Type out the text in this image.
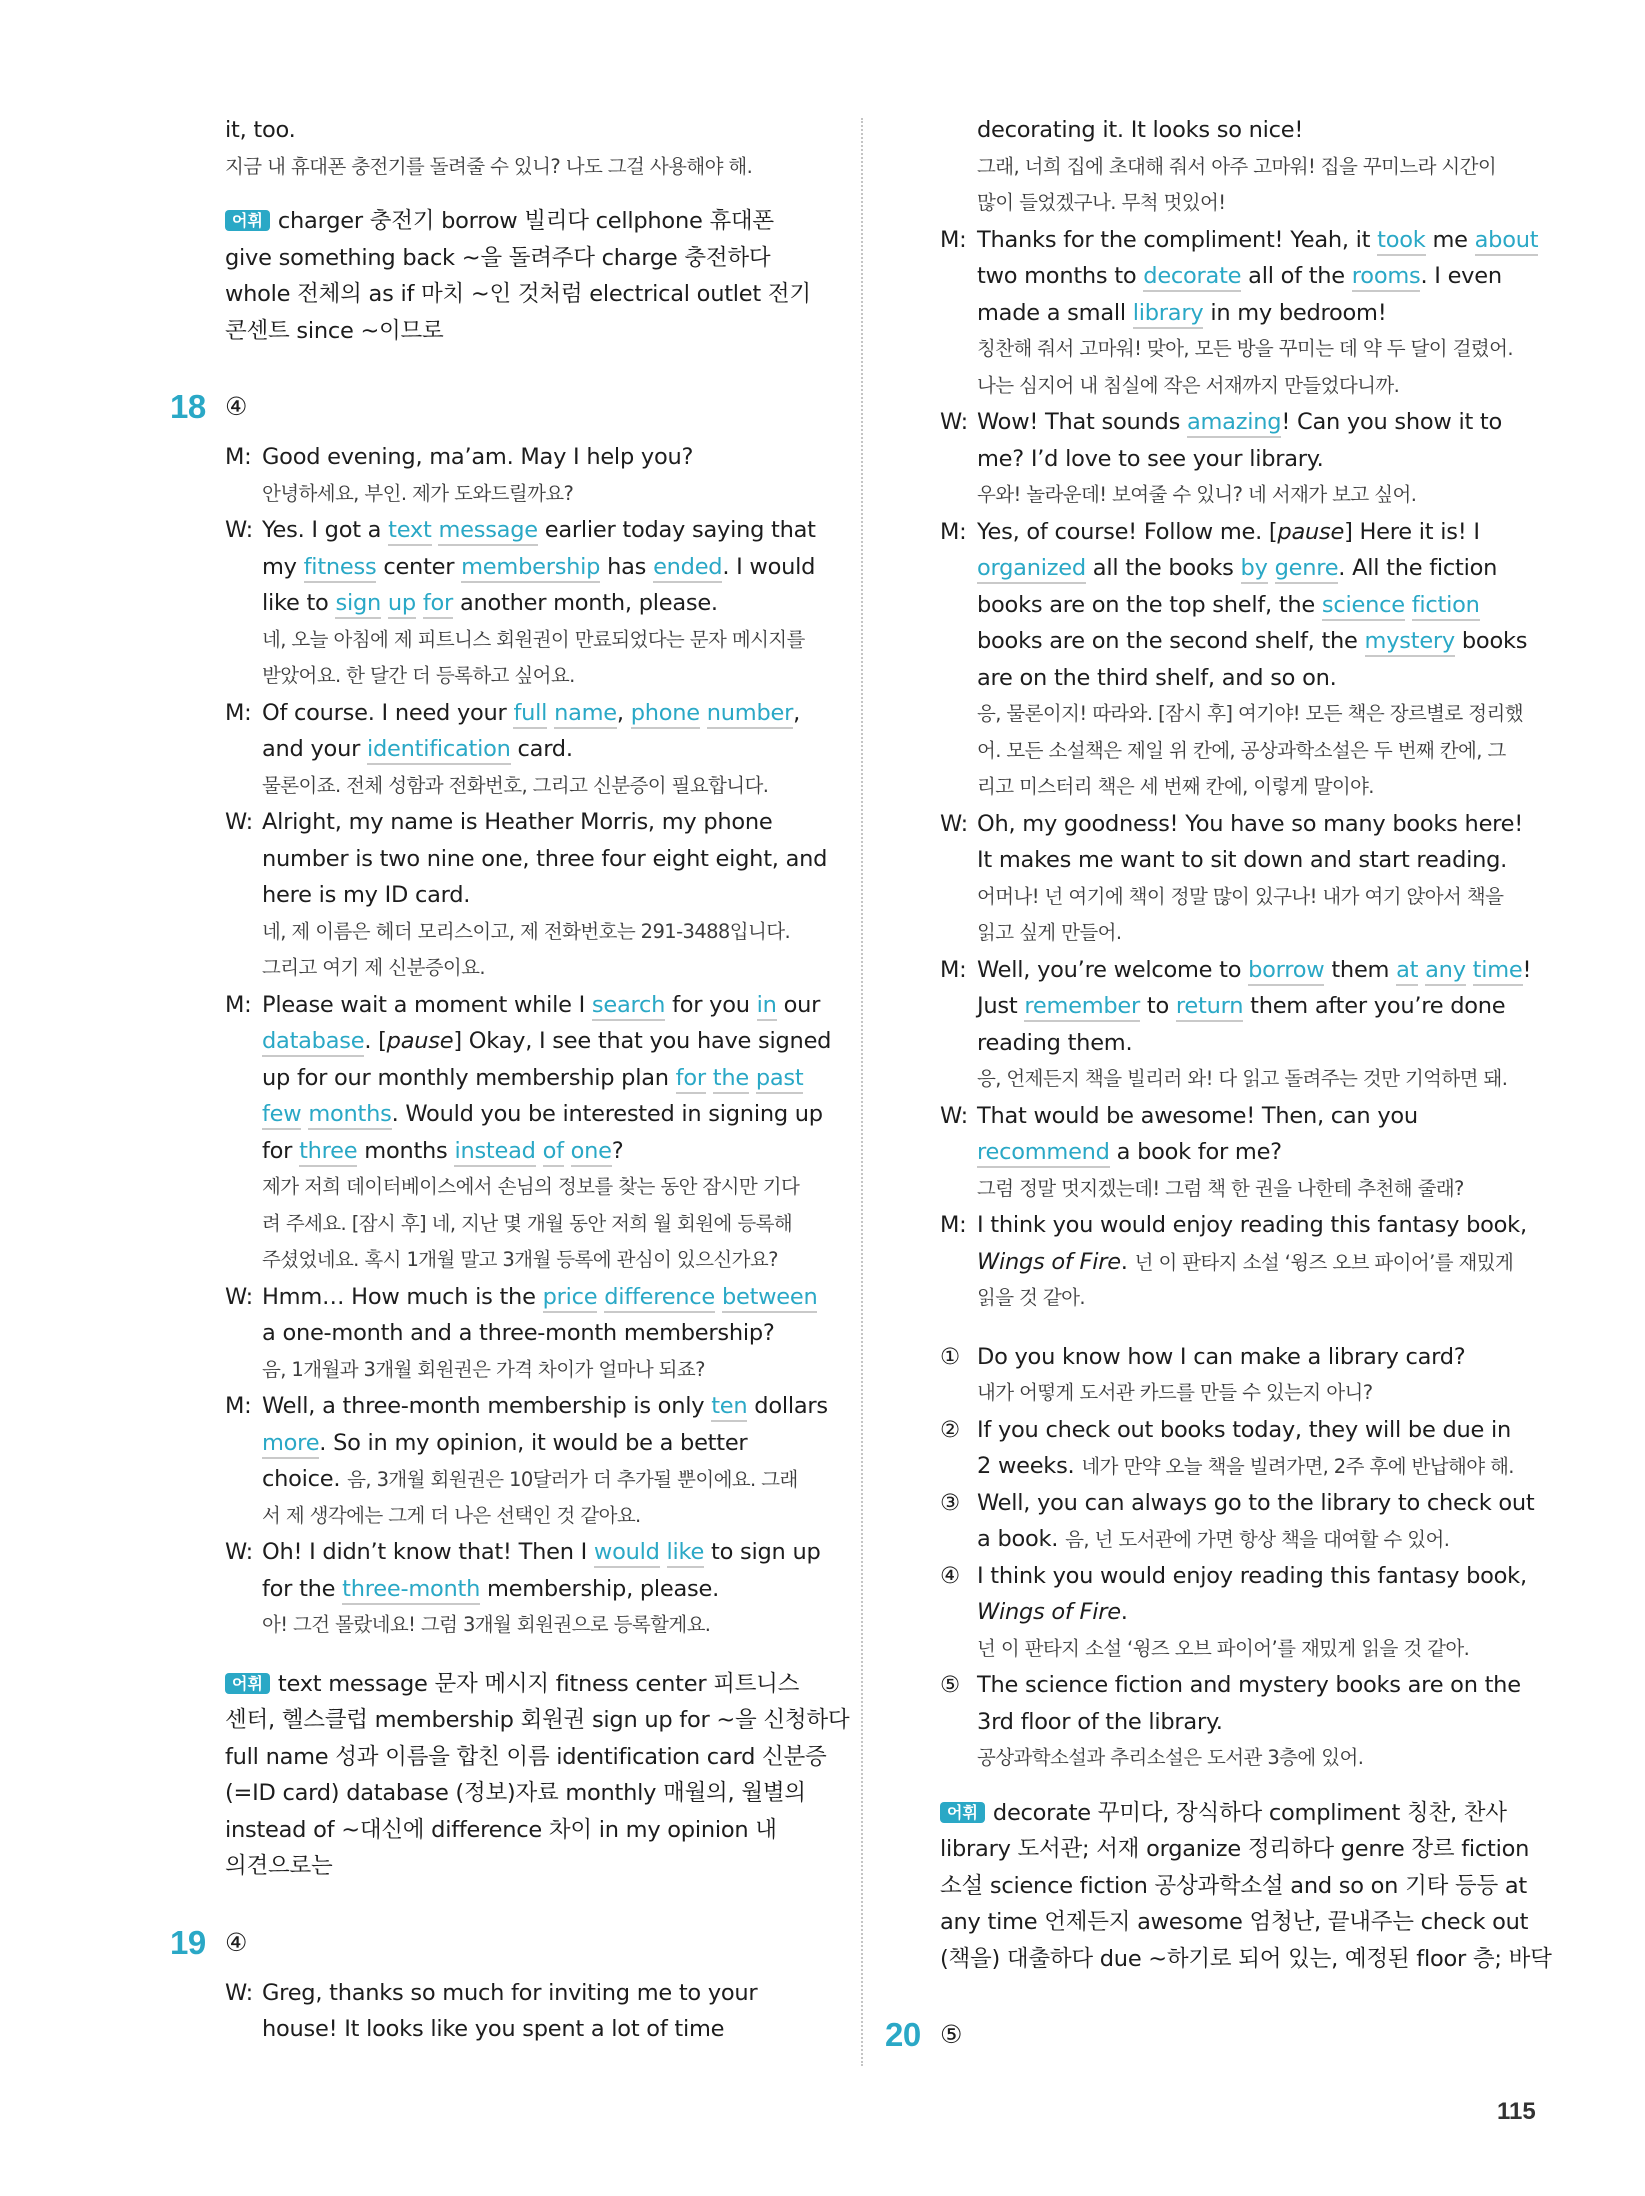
it, too.
지금 내 휴대폰 충전기를 돌려줄 수 있니? 나도 그걸 사용해야 해.
어휘 charger 충전기 borrow 빌리다 cellphone 휴대폰
give something back ~을 돌려주다 charge 충전하다
whole 전체의 as if 마치 ~인 것처럼 electrical outlet 전기
콘센트 since ~이므로
18 ④
M: Good evening, ma’am. May I help you?
안녕하세요, 부인. 제가 도와드릴까요?
W: Yes. I got a text message earlier today saying that
my fitness center membership has ended. I would
like to sign up for another month, please.
네, 오늘 아침에 제 피트니스 회원권이 만료되었다는 문자 메시지를
받았어요. 한 달간 더 등록하고 싶어요.
M: Of course. I need your full name, phone number,
and your identification card.
물론이죠. 전체 성함과 전화번호, 그리고 신분증이 필요합니다.
W: Alright, my name is Heather Morris, my phone
number is two nine one, three four eight eight, and
here is my ID card.
네, 제 이름은 헤더 모리스이고, 제 전화번호는 291-3488입니다.
그리고 여기 제 신분증이요.
M: Please wait a moment while I search for you in our
database. [pause] Okay, I see that you have signed
up for our monthly membership plan for the past
few months. Would you be interested in signing up
for three months instead of one?
제가 저희 데이터베이스에서 손님의 정보를 찾는 동안 잠시만 기다
려 주세요. [잠시 후] 네, 지난 몇 개월 동안 저희 월 회원에 등록해
주셨었네요. 혹시 1개월 말고 3개월 등록에 관심이 있으신가요?
W: Hmm… How much is the price difference between
a one-month and a three-month membership?
음, 1개월과 3개월 회원권은 가격 차이가 얼마나 되죠?
M: Well, a three-month membership is only ten dollars
more. So in my opinion, it would be a better
choice. 음, 3개월 회원권은 10달러가 더 추가될 뿐이에요. 그래
서 제 생각에는 그게 더 나은 선택인 것 같아요.
W: Oh! I didn’t know that! Then I would like to sign up
for the three-month membership, please.
아! 그건 몰랐네요! 그럼 3개월 회원권으로 등록할게요.
어휘 text message 문자 메시지 fitness center 피트니스
센터, 헬스클럽 membership 회원권 sign up for ~을 신청하다
full name 성과 이름을 합친 이름 identification card 신분증
(=ID card) database (정보)자료 monthly 매월의, 월별의
instead of ~대신에 difference 차이 in my opinion 내
의견으로는
19 ④
W: Greg, thanks so much for inviting me to your
house! It looks like you spent a lot of time
decorating it. It looks so nice!
그래, 너희 집에 초대해 줘서 아주 고마워! 집을 꾸미느라 시간이
많이 들었겠구나. 무척 멋있어!
M: Thanks for the compliment! Yeah, it took me about
two months to decorate all of the rooms. I even
made a small library in my bedroom!
칭찬해 줘서 고마워! 맞아, 모든 방을 꾸미는 데 약 두 달이 걸렸어.
나는 심지어 내 침실에 작은 서재까지 만들었다니까.
W: Wow! That sounds amazing! Can you show it to
me? I’d love to see your library.
우와! 놀라운데! 보여줄 수 있니? 네 서재가 보고 싶어.
M: Yes, of course! Follow me. [pause] Here it is! I
organized all the books by genre. All the fiction
books are on the top shelf, the science fiction
books are on the second shelf, the mystery books
are on the third shelf, and so on.
응, 물론이지! 따라와. [잠시 후] 여기야! 모든 책은 장르별로 정리했
어. 모든 소설책은 제일 위 칸에, 공상과학소설은 두 번째 칸에, 그
리고 미스터리 책은 세 번째 칸에, 이렇게 말이야.
W: Oh, my goodness! You have so many books here!
It makes me want to sit down and start reading.
어머나! 넌 여기에 책이 정말 많이 있구나! 내가 여기 앉아서 책을
읽고 싶게 만들어.
M: Well, you’re welcome to borrow them at any time!
Just remember to return them after you’re done
reading them.
응, 언제든지 책을 빌리러 와! 다 읽고 돌려주는 것만 기억하면 돼.
W: That would be awesome! Then, can you
recommend a book for me?
그럼 정말 멋지겠는데! 그럼 책 한 권을 나한테 추천해 줄래?
M: I think you would enjoy reading this fantasy book,
Wings of Fire. 넌 이 판타지 소설 ‘윙즈 오브 파이어’를 재밌게
읽을 것 같아.
① Do you know how I can make a library card?
내가 어떻게 도서관 카드를 만들 수 있는지 아니?
② If you check out books today, they will be due in
2 weeks. 네가 만약 오늘 책을 빌려가면, 2주 후에 반납해야 해.
③ Well, you can always go to the library to check out
a book. 음, 넌 도서관에 가면 항상 책을 대여할 수 있어.
④ I think you would enjoy reading this fantasy book,
Wings of Fire.
넌 이 판타지 소설 ‘윙즈 오브 파이어’를 재밌게 읽을 것 같아.
⑤ The science fiction and mystery books are on the
3rd floor of the library.
공상과학소설과 추리소설은 도서관 3층에 있어.
어휘 decorate 꾸미다, 장식하다 compliment 칭찬, 찬사
library 도서관; 서재 organize 정리하다 genre 장르 fiction
소설 science fiction 공상과학소설 and so on 기타 등등 at
any time 언제든지 awesome 엄청난, 끝내주는 check out
(책을) 대출하다 due ~하기로 되어 있는, 예정된 floor 층; 바닥
20 ⑤
115
